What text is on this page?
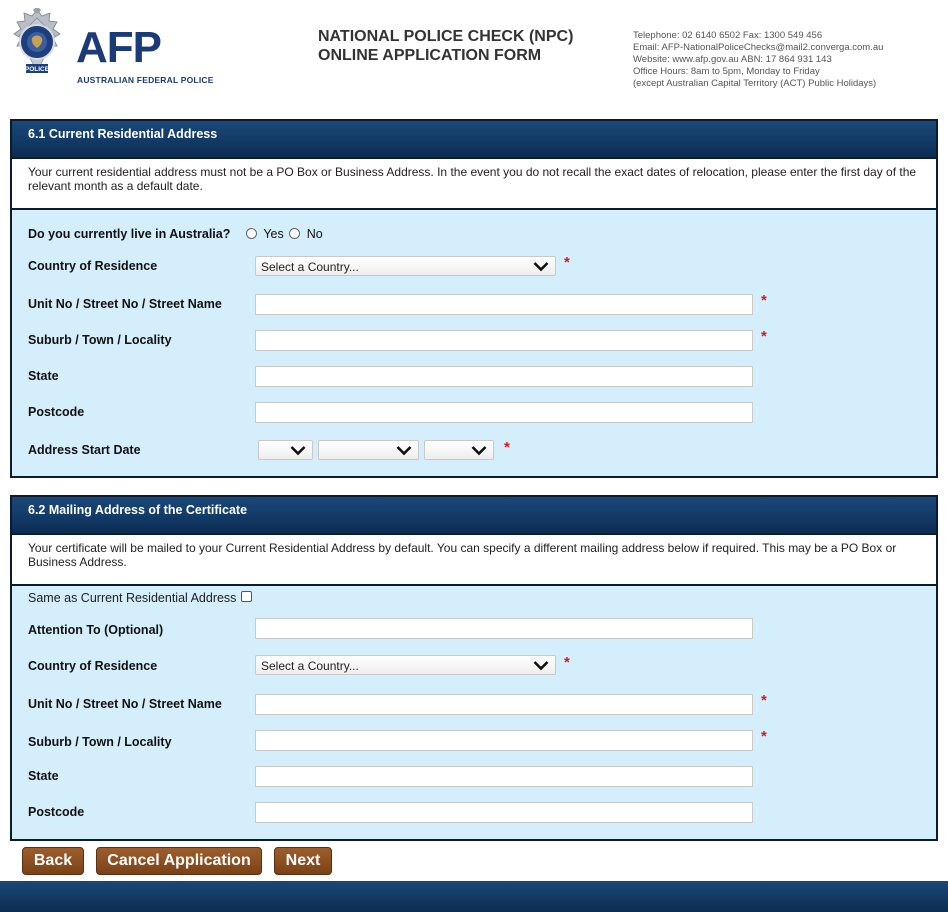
POLICE AFP
AUSTRALIAN FEDERAL POLICE
NATIONAL POLICE CHECK (NPC)
ONLINE APPLICATION FORM
Telephone: 02 6140 6502 Fax: 1300 549 456
Email: AFP-NationalPoliceChecks@mail2.converga.com.au
Website: www.afp.gov.au ABN: 17 864 931 143
Office Hours: 8am to 5pm, Monday to Friday
(except Australian Capital Territory (ACT) Public Holidays)
6.1 Current Residential Address
Your current residential address must not be a PO Box or Business Address. In the event you do not recall the exact dates of relocation, please enter the first day of the relevant month as a default date.
Do you currently live in Australia?	Yes No
Country of Residence	Select a Country...	*
Unit No / Street No / Street Name	*
Suburb / Town / Locality	*
State
Postcode
Address Start Date	*
6.2 Mailing Address of the Certificate
Your certificate will be mailed to your Current Residential Address by default. You can specify a different mailing address below if required. This may be a PO Box or Business Address.
Same as Current Residential Address
Attention To (Optional)
Country of Residence	Select a Country...	*
Unit No / Street No / Street Name	*
Suburb / Town / Locality	*
State
Postcode
Back	Cancel Application	Next
